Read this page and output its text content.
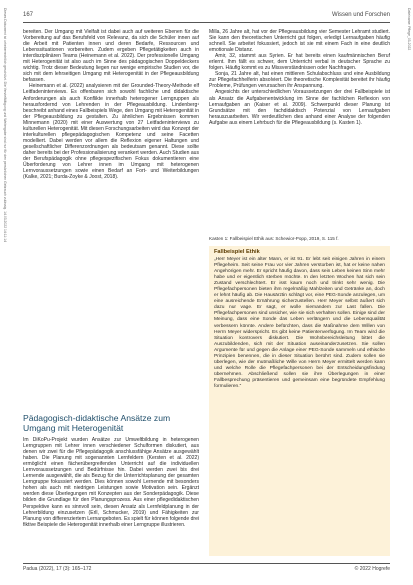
Dieses Dokument ist urheberrechtlich geschützt. Die Vervielfältigung und Weitergabe sind nur für den persönlichen Gebrauch zulässig. 14.03.2022 14:11:14	Dateiname: Pflege_03-2022
167	Wissen und Forschen

bereiten. Der Umgang mit Vielfalt ist dabei auch auf weiteren Ebenen für die Vorbereitung auf das Berufsfeld von Relevanz, da sich die Schüler innen auf die Arbeit mit Patienten innen und deren Bedarfe, Ressourcen und Lebenssituationen vorbereiten. Zudem ergeben Pflegetätigkeiten auch in interdisziplinären Teams (Heinemann et al. 2022). Der professionelle Umgang mit Heterogenität ist also auch im Sinne des pädagogischen Doppeldeckers wichtig. Trotz dieser Bedeutung liegen nur wenige empirische Studien vor, die sich mit dem lehrseitigen Umgang mit Heterogenität in der Pflegeausbildung befassen.

Heinemann et al. (2022) analysieren mit der Grounded-Theory-Methode elf Leitfadeninterviews. Es offenbaren sich sowohl fachliche und didaktische Anforderungen als auch Konflikte innerhalb heterogener Lerngruppen als herausfordernd von Lehrenden in der Pflegeausbildung. Lindenberg¹ beschreibt anhand eines Fallbeispiels Wege, den Umgang mit Heterogenität in der Pflegeausbildung zu gestalten. Zu ähnlichen Ergebnissen kommen Minnemann (2020) mit einer Auswertung von 27 Leitfadeninterviews zu kulturellen Heterogenität. Mit diesen Forschungsarbeiten wird das Konzept der interkulturellen pflegepädagogischen Kompetenz und seine Facetten modelliert. Dabei werden vor allem die Reflexion eigener Haltungen und gesellschaftlicher Differenzordnungen als bedeutsam genannt. Diese sollte daher bereits bei der Professionalisierung verankert werden. Auch Studien aus der Berufspädagogik ohne pflegespezifischen Fokus dokumentieren eine Überforderung von Lehrer innen im Umgang mit heterogenen Lernvoraussetzungen sowie einen Bedarf an Fort- und Weiterbildungen (Kalke, 2021; Burda-Zoyke & Joost, 2018).

Pädagogisch-didaktische Ansätze zum Umgang mit Heterogenität

Im DiKoPu-Projekt wurden Ansätze zur Umweltbildung in heterogenen Lerngruppen mit Lehrer innen verschiedener Schulformen diskutiert, aus denen wir zwei für die Pflegepädagogik anschlussfähige Ansätze ausgewählt haben. Die Planung mit sogenannten Lernfeldern (Kersten et al. 2022) ermöglicht einen fächerübergreifenden Unterricht auf die individuellen Lernvoraussetzungen und Bedürfnisse hin. Dabei werden zwei bis drei Lernende ausgewählt, die als Bezug für die Unterrichtsplanung der gesamten Lerngruppe fokussiert werden. Dies können sowohl Lernende mit besonders hohen als auch mit niedrigen Leistungen sowie Motivation sein. Ergänzt werden diese Überlegungen mit Konzepten aus der Sonderpädagogik. Diese bilden die Grundlage für den Planungsprozess. Aus einer pflegedidaktischen Perspektive kann es sinnvoll sein, diesen Ansatz als Lernfeldplanung in der Lehrerbildung einzusetzen (Erll, Schmucker, 2019) und Fähigkeiten zur Planung von differenziertem Lernangeboten. Es spielt für können folgende drei fiktive Beispiele die Heterogenität innerhalb einer Lerngruppe illustrieren.

Milla, 26 Jahre alt, hat vor der Pflegeausbildung vier Semester Lehramt studiert. Sie kann den theoretischen Unterricht gut folgen, erledigt Lernaufgaben häufig schnell. Sie arbeitet fokussiert, jedoch ist sie mit einem Fach in eine deutlich emotionale Distanz.

Amir, 32, stammt aus Syrien. Er hat bereits einen kaufmännischen Beruf erlernt. Ihm fällt es schwer, dem Unterricht verbal in deutscher Sprache zu folgen. Häufig kommt es zu Missverständnissen oder Nachfragen.

Sonja, 21 Jahre alt, hat einen mittleren Schulabschluss und eine Ausbildung zur Pflegefachhelferin absolviert. Die theoretische Komplexität bereitet ihr häufig Probleme, Prüfungen verursachen ihr Anspannung.

Angesichts der unterschiedlichen Voraussetzungen der drei Fallbeispiele ist als Ansatz die Aufgabenentwicklung im Sinne der fachlichen Reflexion von Lernaufgaben an (Kaiser et al. 2009). Schwerpunkt dieser Planung ist Grundsätze mit den fachdidaktisch Potenzial von Lernaufgaben herauszuarbeiten. Wir verdeutlichen dies anhand einer Analyse der folgenden Aufgabe aus einem Lehrbuch für die Pflegeausbildung (s. Kasten 1).

Kasten 1: Fallbeispiel Ethik aus: Schewior-Popp, 2019, S. 115 f.
Fallbeispiel Ethik
„Herr Meyer ist ein alter Mann, er ist 91. Er lebt seit einigen Jahren in einem Pflegeheim. Seit seine Frau vor vier Jahren verstorben ist, hat er keine nahen Angehörigen mehr. Er spricht häufig davon, dass sein Leben keinen Sinn mehr habe und er eigentlich sterben möchte. In den letzten Wochen hat sich sein Zustand verschlechtert. Er isst kaum noch und trinkt sehr wenig. Die Pflegefachpersonen bieten ihm regelmäßig Mahlzeiten und Getränke an, doch er lehnt häufig ab. Die Hausärztin schlägt vor, eine PEG-Sonde anzulegen, um eine ausreichende Ernährung sicherzustellen. Herr Meyer selbst äußert sich dazu nur vage. Er sagt, er wolle niemandem zur Last fallen. Die Pflegefachpersonen sind unsicher, wie sie sich verhalten sollen. Einige sind der Meinung, dass eine Sonde das Leben verlängern und die Lebensqualität verbessern könnte. Andere befürchten, dass die Maßnahme dem Willen von Herrn Meyer widerspricht. Es gibt keine Patientenverfügung. Im Team wird die Situation kontrovers diskutiert. Die Wohnbereichsleitung bittet die Auszubildenden, sich mit der Situation auseinanderzusetzen. Sie sollen Argumente für und gegen die Anlage einer PEG-Sonde sammeln und ethische Prinzipien benennen, die in dieser Situation berührt sind. Zudem sollen sie überlegen, wie der mutmaßliche Wille von Herrn Meyer ermittelt werden kann und welche Rolle die Pflegefachpersonen bei der Entscheidungsfindung übernehmen. Abschließend sollen sie ihre Überlegungen in einer Fallbesprechung präsentieren und gemeinsam eine begründete Empfehlung formulieren.“
Padua (2022), 17 (3): 165–172	© 2022 Hogrefe
